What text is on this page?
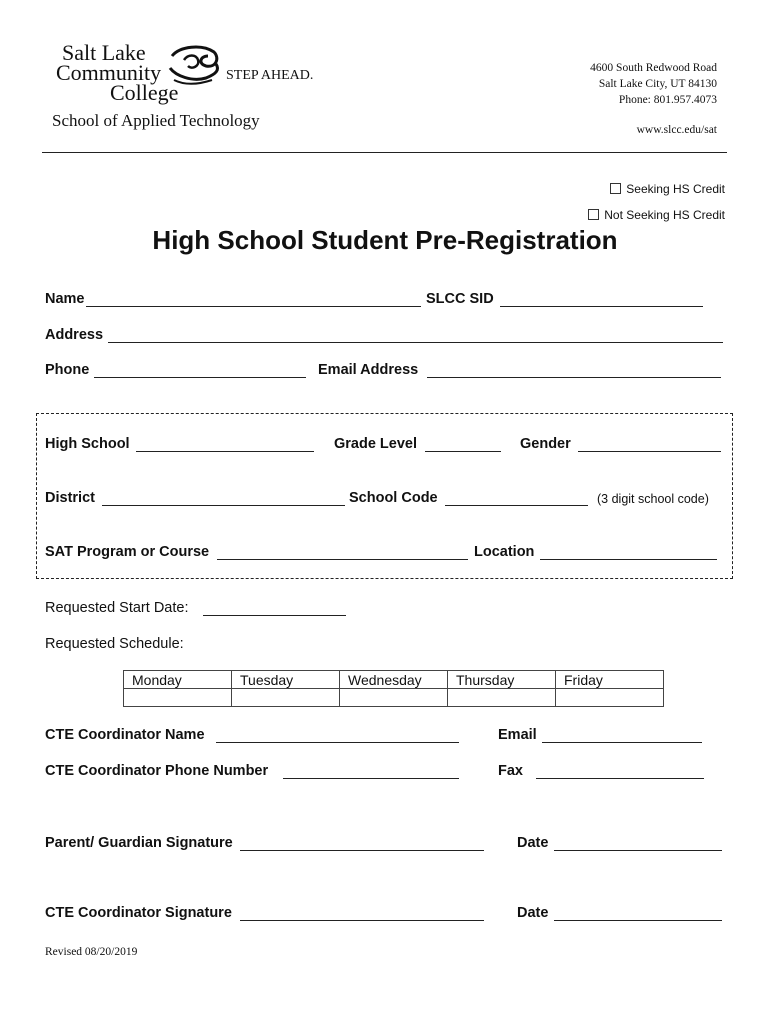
Salt Lake
Community
College
STEP AHEAD.
School of Applied Technology
4600 South Redwood Road
Salt Lake City, UT 84130
Phone: 801.957.4073
www.slcc.edu/sat
Seeking HS Credit
Not Seeking HS Credit
High School Student Pre-Registration
Name	SLCC SID
Address
Phone	Email Address
High School	Grade Level	Gender
District	School Code	(3 digit school code)
SAT Program or Course	Location
Requested Start Date:
Requested Schedule:
Monday	Tuesday	Wednesday	Thursday	Friday

CTE Coordinator Name	Email
CTE Coordinator Phone Number	Fax
Parent/ Guardian Signature	Date
CTE Coordinator Signature	Date
Revised 08/20/2019
